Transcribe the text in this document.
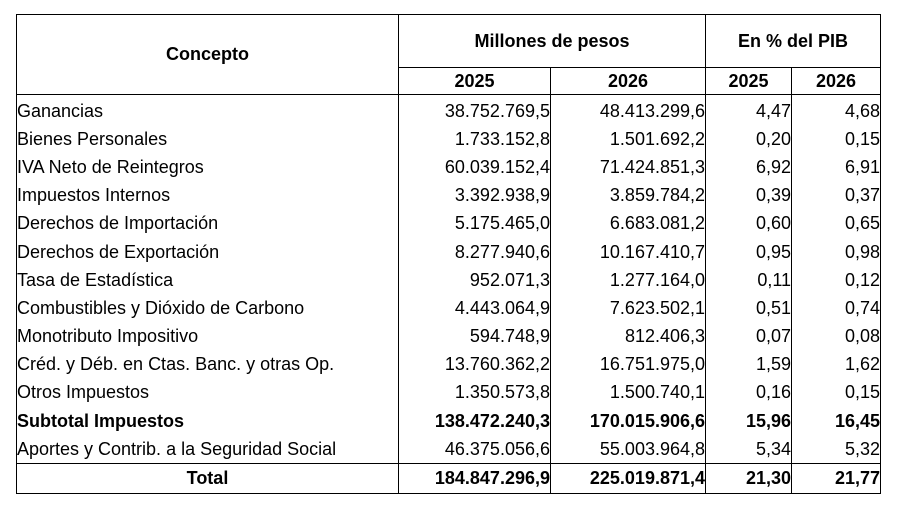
Concepto	Millones de pesos		En % del PIB	
	2025	2026	2025	2026
Ganancias	38.752.769,5	48.413.299,6	4,47	4,68
Bienes Personales	1.733.152,8	1.501.692,2	0,20	0,15
IVA Neto de Reintegros	60.039.152,4	71.424.851,3	6,92	6,91
Impuestos Internos	3.392.938,9	3.859.784,2	0,39	0,37
Derechos de Importación	5.175.465,0	6.683.081,2	0,60	0,65
Derechos de Exportación	8.277.940,6	10.167.410,7	0,95	0,98
Tasa de Estadística	952.071,3	1.277.164,0	0,11	0,12
Combustibles y Dióxido de Carbono	4.443.064,9	7.623.502,1	0,51	0,74
Monotributo Impositivo	594.748,9	812.406,3	0,07	0,08
Créd. y Déb. en Ctas. Banc. y otras Op.	13.760.362,2	16.751.975,0	1,59	1,62
Otros Impuestos	1.350.573,8	1.500.740,1	0,16	0,15
Subtotal Impuestos	138.472.240,3	170.015.906,6	15,96	16,45
Aportes y Contrib. a la Seguridad Social	46.375.056,6	55.003.964,8	5,34	5,32
Total	184.847.296,9	225.019.871,4	21,30	21,77
